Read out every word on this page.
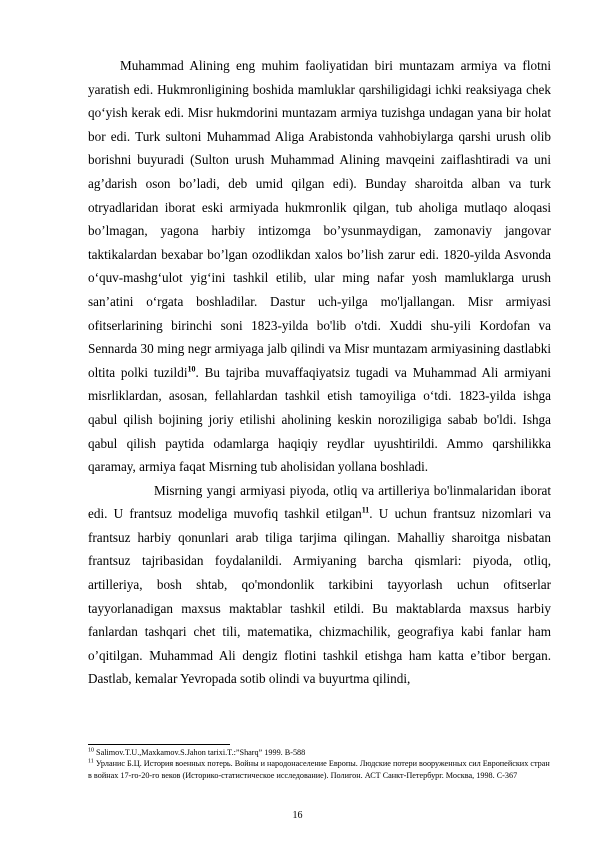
Muhammad Alining eng muhim faoliyatidan biri muntazam armiya va flotni yaratish edi. Hukmronligining boshida mamluklar qarshiligidagi ichki reaksiyaga chek qoʻyish kerak edi. Misr hukmdorini muntazam armiya tuzishga undagan yana bir holat bor edi. Turk sultoni Muhammad Aliga Arabistonda vahhobiylarga qarshi urush olib borishni buyuradi (Sulton urush Muhammad Alining mavqeini zaiflashtiradi va uni ag’darish oson bo’ladi, deb umid qilgan edi). Bunday sharoitda alban va turk otryadlaridan iborat eski armiyada hukmronlik qilgan, tub aholiga mutlaqo aloqasi bo’lmagan, yagona harbiy intizomga bo’ysunmaydigan, zamonaviy jangovar taktikalardan bexabar bo’lgan ozodlikdan xalos bo’lish zarur edi. 1820-yilda Asvonda oʻquv-mashgʻulot yigʻini tashkil etilib, ular ming nafar yosh mamluklarga urush sanʼatini oʻrgata boshladilar. Dastur uch-yilga mo'ljallangan. Misr armiyasi ofitserlarining birinchi soni 1823-yilda bo'lib o'tdi. Xuddi shu-yili Kordofan va Sennarda 30 ming negr armiyaga jalb qilindi va Misr muntazam armiyasining dastlabki oltita polki tuzildi$^{10}$. Bu tajriba muvaffaqiyatsiz tugadi va Muhammad Ali armiyani misrliklardan, asosan, fellahlardan tashkil etish tamoyiliga oʻtdi. 1823-yilda ishga qabul qilish bojining joriy etilishi aholining keskin noroziligiga sabab bo'ldi. Ishga qabul qilish paytida odamlarga haqiqiy reydlar uyushtirildi. Ammo qarshilikka qaramay, armiya faqat Misrning tub aholisidan yollana boshladi.

Misrning yangi armiyasi piyoda, otliq va artilleriya bo'linmalaridan iborat edi. U frantsuz modeliga muvofiq tashkil etilgan$^{11}$. U uchun frantsuz nizomlari va frantsuz harbiy qonunlari arab tiliga tarjima qilingan. Mahalliy sharoitga nisbatan frantsuz tajribasidan foydalanildi. Armiyaning barcha qismlari: piyoda, otliq, artilleriya, bosh shtab, qo'mondonlik tarkibini tayyorlash uchun ofitserlar tayyorlanadigan maxsus maktablar tashkil etildi. Bu maktablarda maxsus harbiy fanlardan tashqari chet tili, matematika, chizmachilik, geografiya kabi fanlar ham o’qitilgan. Muhammad Ali dengiz flotini tashkil etishga ham katta e’tibor bergan. Dastlab, kemalar Yevropada sotib olindi va buyurtma qilindi,

$^{10}$ Salimov.T.U.,Maxkamov.S.Jahon tarixi.T.:”Sharq” 1999. B-588

$^{11}$ Урланис Б.Ц. История военных потерь. Войны и народонаселение Европы. Людские потери вооруженных сил Европейских стран в войнах 17-го-20-го веков (Историко-статистическое исследование). Полигон. АСТ Санкт-Петербург. Москва, 1998. С-367

16
